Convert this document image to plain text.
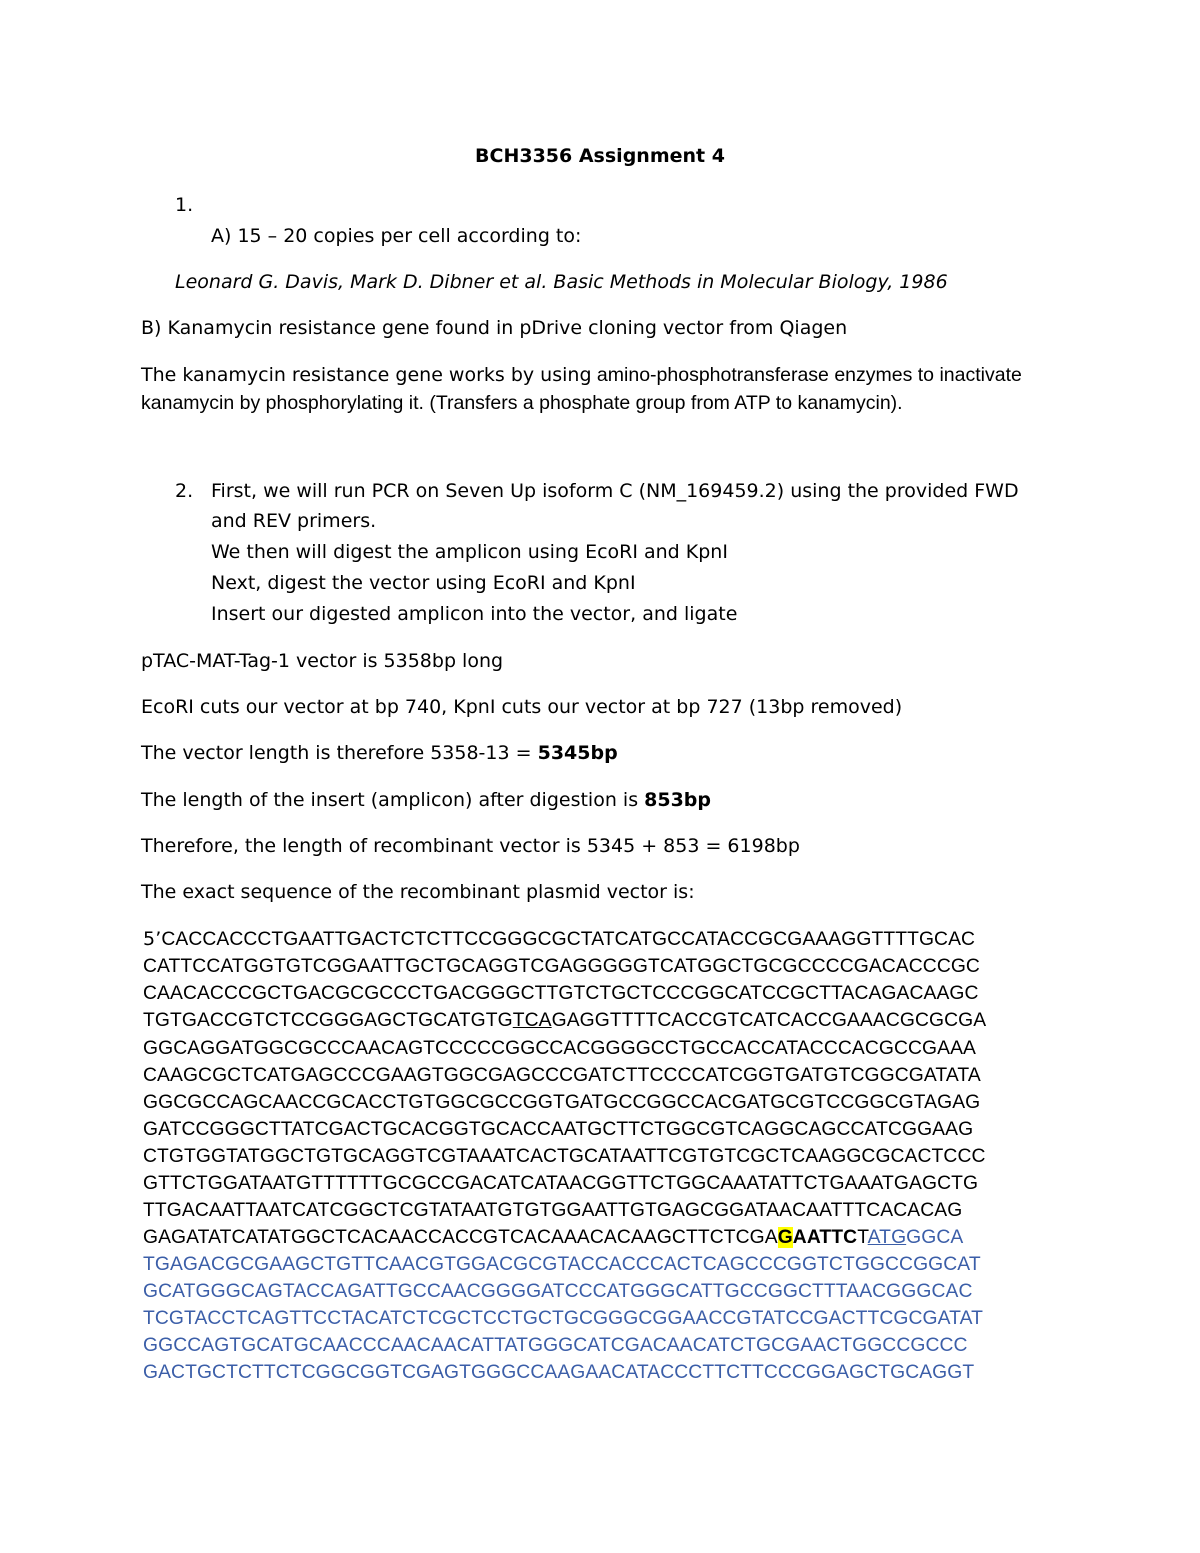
BCH3356 Assignment 4
1.
A) 15 – 20 copies per cell according to:
Leonard G. Davis, Mark D. Dibner et al. Basic Methods in Molecular Biology, 1986
B) Kanamycin resistance gene found in pDrive cloning vector from Qiagen
The kanamycin resistance gene works by using amino-phosphotransferase enzymes to inactivate
kanamycin by phosphorylating it. (Transfers a phosphate group from ATP to kanamycin).
2. First, we will run PCR on Seven Up isoform C (NM_169459.2) using the provided FWD
and REV primers.
We then will digest the amplicon using EcoRI and KpnI
Next, digest the vector using EcoRI and KpnI
Insert our digested amplicon into the vector, and ligate
pTAC-MAT-Tag-1 vector is 5358bp long
EcoRI cuts our vector at bp 740, KpnI cuts our vector at bp 727 (13bp removed)
The vector length is therefore 5358-13 = 5345bp
The length of the insert (amplicon) after digestion is 853bp
Therefore, the length of recombinant vector is 5345 + 853 = 6198bp
The exact sequence of the recombinant plasmid vector is:
5’CACCACCCTGAATTGACTCTCTTCCGGGCGCTATCATGCCATACCGCGAAAGGTTTTGCAC
CATTCCATGGTGTCGGAATTGCTGCAGGTCGAGGGGGTCATGGCTGCGCCCCGACACCCGC
CAACACCCGCTGACGCGCCCTGACGGGCTTGTCTGCTCCCGGCATCCGCTTACAGACAAGC
TGTGACCGTCTCCGGGAGCTGCATGTGTCAGAGGTTTTCACCGTCATCACCGAAACGCGCGA
GGCAGGATGGCGCCCAACAGTCCCCCGGCCACGGGGCCTGCCACCATACCCACGCCGAAA
CAAGCGCTCATGAGCCCGAAGTGGCGAGCCCGATCTTCCCCATCGGTGATGTCGGCGATATA
GGCGCCAGCAACCGCACCTGTGGCGCCGGTGATGCCGGCCACGATGCGTCCGGCGTAGAG
GATCCGGGCTTATCGACTGCACGGTGCACCAATGCTTCTGGCGTCAGGCAGCCATCGGAAG
CTGTGGTATGGCTGTGCAGGTCGTAAATCACTGCATAATTCGTGTCGCTCAAGGCGCACTCCC
GTTCTGGATAATGTTTTTTGCGCCGACATCATAACGGTTCTGGCAAATATTCTGAAATGAGCTG
TTGACAATTAATCATCGGCTCGTATAATGTGTGGAATTGTGAGCGGATAACAATTTCACACAG
GAGATATCATATGGCTCACAACCACCGTCACAAACACAAGCTTCTCGAGAATTCTATGGGCA
TGAGACGCGAAGCTGTTCAACGTGGACGCGTACCACCCACTCAGCCCGGTCTGGCCGGCAT
GCATGGGCAGTACCAGATTGCCAACGGGGATCCCATGGGCATTGCCGGCTTTAACGGGCAC
TCGTACCTCAGTTCCTACATCTCGCTCCTGCTGCGGGCGGAACCGTATCCGACTTCGCGATAT
GGCCAGTGCATGCAACCCAACAACATTATGGGCATCGACAACATCTGCGAACTGGCCGCCC
GACTGCTCTTCTCGGCGGTCGAGTGGGCCAAGAACATACCCTTCTTCCCGGAGCTGCAGGT
